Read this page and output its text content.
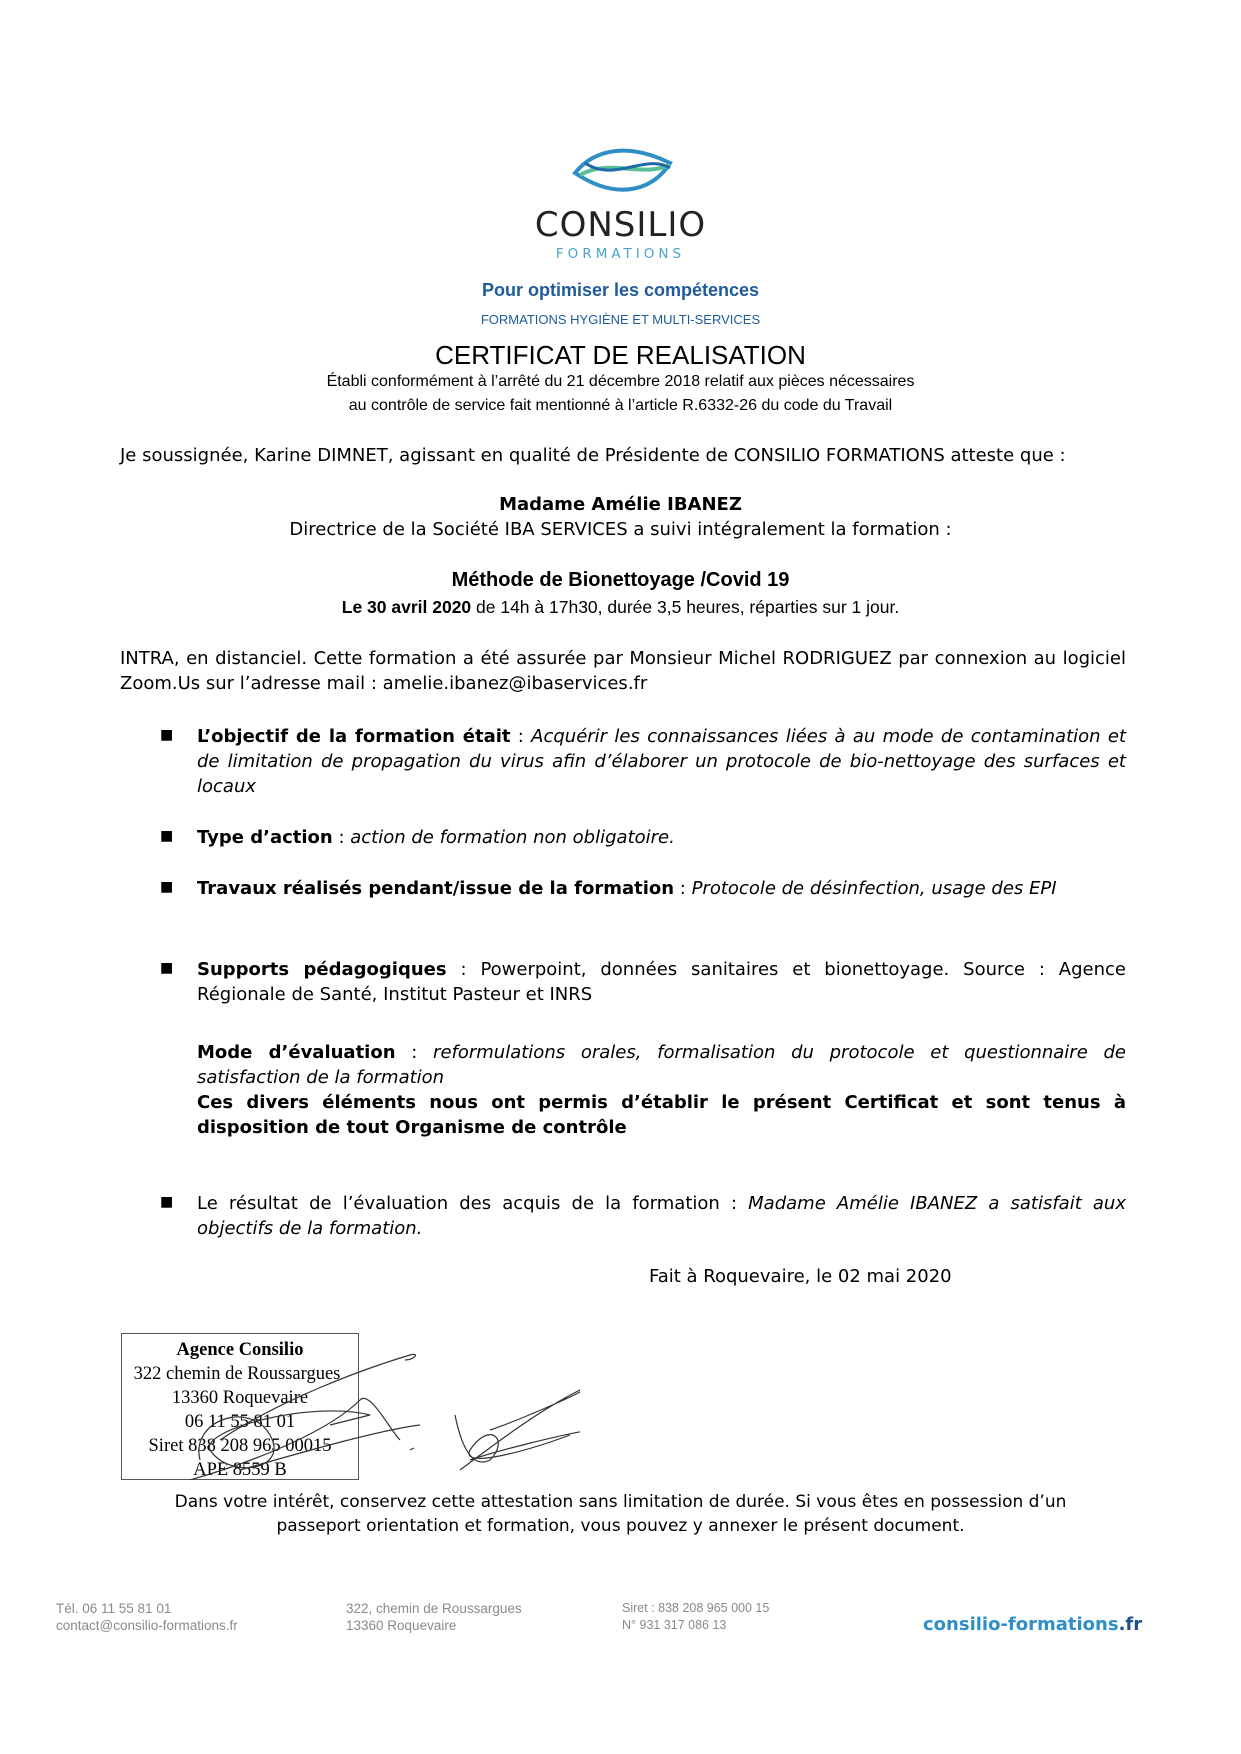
CONSILIO
FORMATIONS
Pour optimiser les compétences
FORMATIONS HYGIÈNE ET MULTI-SERVICES
CERTIFICAT DE REALISATION
Établi conformément à l’arrêté du 21 décembre 2018 relatif aux pièces nécessaires
au contrôle de service fait mentionné à l’article R.6332-26 du code du Travail
Je soussignée, Karine DIMNET, agissant en qualité de Présidente de CONSILIO FORMATIONS atteste que :
Madame Amélie IBANEZ
Directrice de la Société IBA SERVICES a suivi intégralement la formation :
Méthode de Bionettoyage /Covid 19
Le 30 avril 2020 de 14h à 17h30, durée 3,5 heures, réparties sur 1 jour.
INTRA, en distanciel. Cette formation a été assurée par Monsieur Michel RODRIGUEZ par connexion au logiciel Zoom.Us sur l’adresse mail : amelie.ibanez@ibaservices.fr
■ L’objectif de la formation était : Acquérir les connaissances liées à au mode de contamination et de limitation de propagation du virus afin d’élaborer un protocole de bio-nettoyage des surfaces et locaux
■ Type d’action : action de formation non obligatoire.
■ Travaux réalisés pendant/issue de la formation : Protocole de désinfection, usage des EPI
■ Supports pédagogiques : Powerpoint, données sanitaires et bionettoyage. Source : Agence Régionale de Santé, Institut Pasteur et INRS
Mode d’évaluation : reformulations orales, formalisation du protocole et questionnaire de satisfaction de la formation
Ces divers éléments nous ont permis d’établir le présent Certificat et sont tenus à disposition de tout Organisme de contrôle
■ Le résultat de l’évaluation des acquis de la formation : Madame Amélie IBANEZ a satisfait aux objectifs de la formation.
Fait à Roquevaire, le 02 mai 2020
Agence Consilio
322 chemin de Roussargues
13360 Roquevaire
06 11 55 81 01
Siret 838 208 965 00015
APE 8559 B
Dans votre intérêt, conservez cette attestation sans limitation de durée. Si vous êtes en possession d’un
passeport orientation et formation, vous pouvez y annexer le présent document.
Tél. 06 11 55 81 01
contact@consilio-formations.fr
322, chemin de Roussargues
13360 Roquevaire
Siret : 838 208 965 000 15
N° 931 317 086 13	consilio-formations.fr
